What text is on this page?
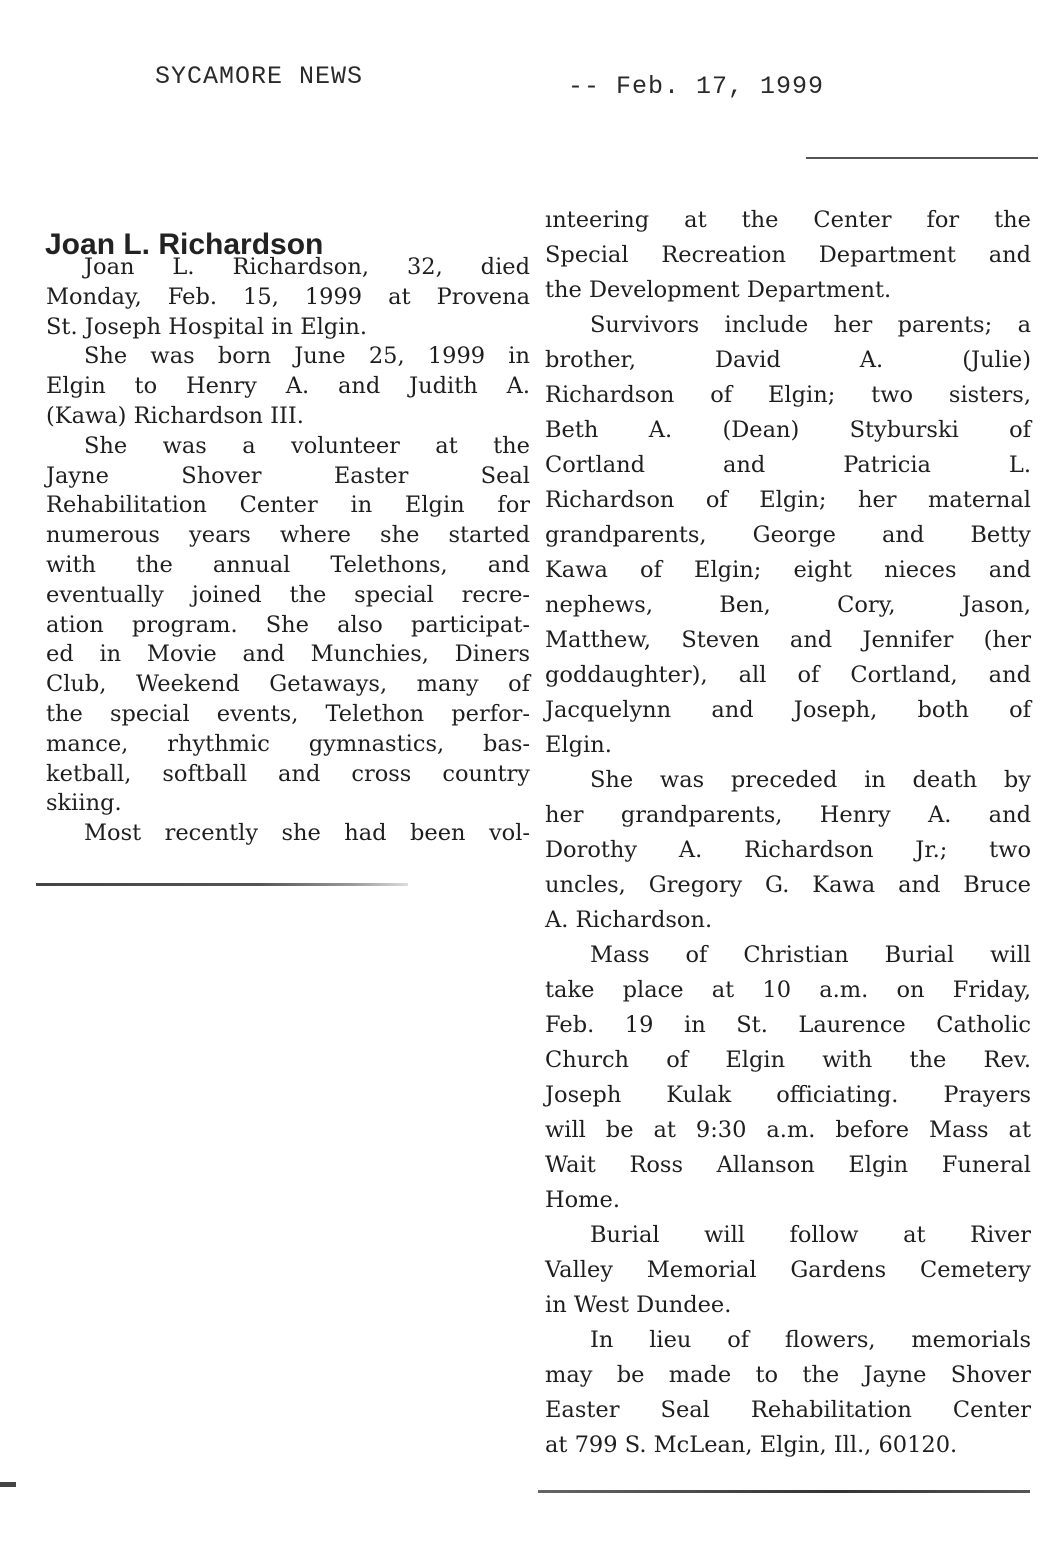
SYCAMORE NEWS	-- Feb. 17, 1999
Joan L. Richardson
Joan L. Richardson, 32, died
Monday, Feb. 15, 1999 at Provena
St. Joseph Hospital in Elgin.
She was born June 25, 1999 in
Elgin to Henry A. and Judith A.
(Kawa) Richardson III.
She was a volunteer at the
Jayne Shover Easter Seal
Rehabilitation Center in Elgin for
numerous years where she started
with the annual Telethons, and
eventually joined the special recre-
ation program. She also participat-
ed in Movie and Munchies, Diners
Club, Weekend Getaways, many of
the special events, Telethon perfor-
mance, rhythmic gymnastics, bas-
ketball, softball and cross country
skiing.
Most recently she had been vol-
ınteering at the Center for the
Special Recreation Department and
the Development Department.
Survivors include her parents; a
brother, David A. (Julie)
Richardson of Elgin; two sisters,
Beth A. (Dean) Styburski of
Cortland and Patricia L.
Richardson of Elgin; her maternal
grandparents, George and Betty
Kawa of Elgin; eight nieces and
nephews, Ben, Cory, Jason,
Matthew, Steven and Jennifer (her
goddaughter), all of Cortland, and
Jacquelynn and Joseph, both of
Elgin.
She was preceded in death by
her grandparents, Henry A. and
Dorothy A. Richardson Jr.; two
uncles, Gregory G. Kawa and Bruce
A. Richardson.
Mass of Christian Burial will
take place at 10 a.m. on Friday,
Feb. 19 in St. Laurence Catholic
Church of Elgin with the Rev.
Joseph Kulak officiating. Prayers
will be at 9:30 a.m. before Mass at
Wait Ross Allanson Elgin Funeral
Home.
Burial will follow at River
Valley Memorial Gardens Cemetery
in West Dundee.
In lieu of flowers, memorials
may be made to the Jayne Shover
Easter Seal Rehabilitation Center
at 799 S. McLean, Elgin, Ill., 60120.
